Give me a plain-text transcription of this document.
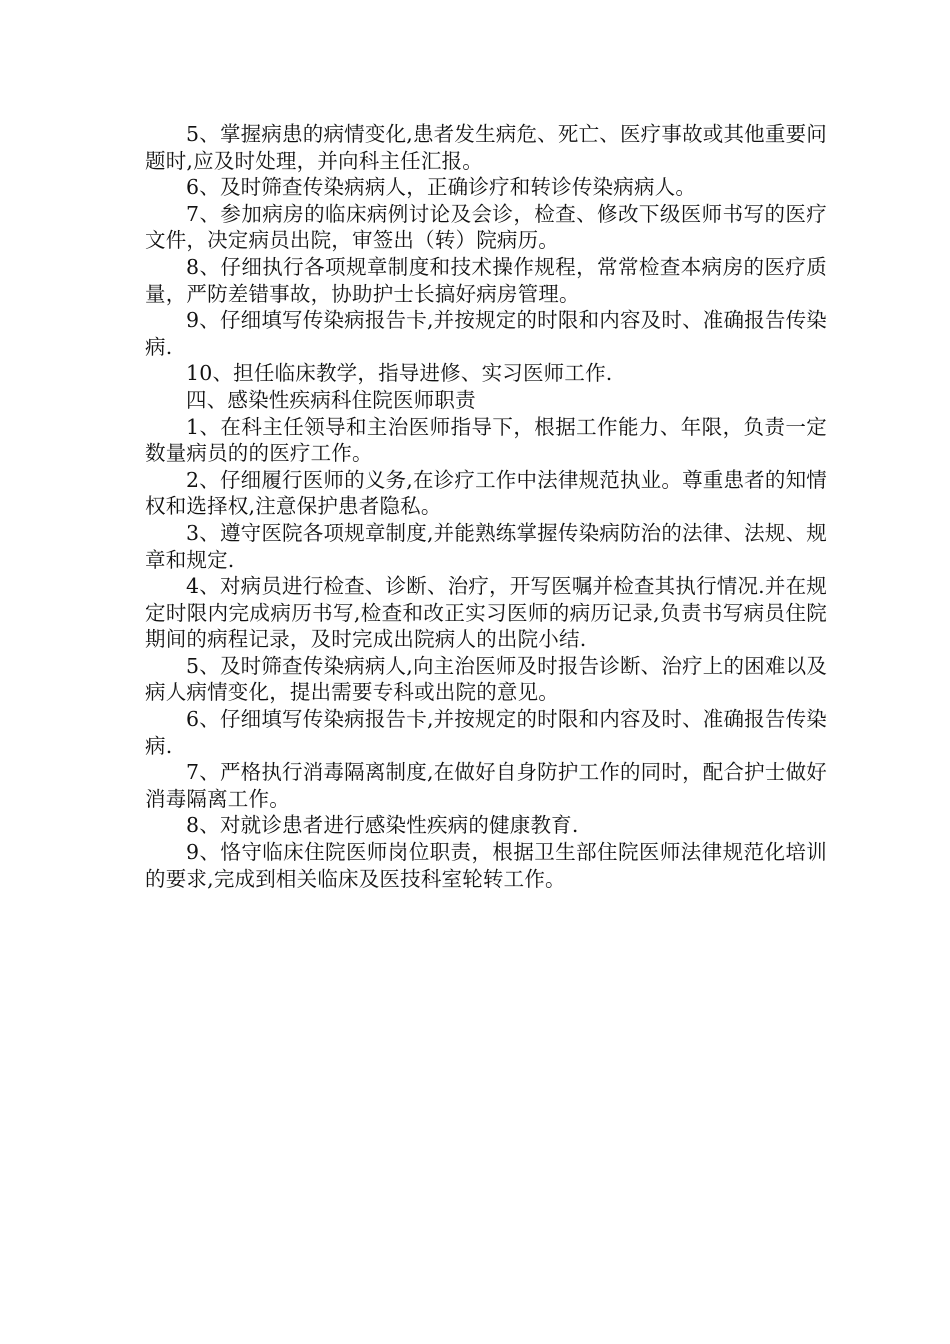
5、掌握病患的病情变化,患者发生病危、死亡、医疗事故或其他重要问题时,应及时处理，并向科主任汇报。

6、及时筛查传染病病人，正确诊疗和转诊传染病病人。

7、参加病房的临床病例讨论及会诊，检查、修改下级医师书写的医疗文件，决定病员出院，审签出（转）院病历。

8、仔细执行各项规章制度和技术操作规程，常常检查本病房的医疗质量，严防差错事故，协助护士长搞好病房管理。

9、仔细填写传染病报告卡,并按规定的时限和内容及时、准确报告传染病.

10、担任临床教学，指导进修、实习医师工作.

四、感染性疾病科住院医师职责

1、在科主任领导和主治医师指导下，根据工作能力、年限，负责一定数量病员的的医疗工作。

2、仔细履行医师的义务,在诊疗工作中法律规范执业。尊重患者的知情权和选择权,注意保护患者隐私。

3、遵守医院各项规章制度,并能熟练掌握传染病防治的法律、法规、规章和规定.

4、对病员进行检查、诊断、治疗，开写医嘱并检查其执行情况.并在规定时限内完成病历书写,检查和改正实习医师的病历记录,负责书写病员住院期间的病程记录，及时完成出院病人的出院小结.

5、及时筛查传染病病人,向主治医师及时报告诊断、治疗上的困难以及病人病情变化，提出需要专科或出院的意见。

6、仔细填写传染病报告卡,并按规定的时限和内容及时、准确报告传染病.

7、严格执行消毒隔离制度,在做好自身防护工作的同时，配合护士做好消毒隔离工作。

8、对就诊患者进行感染性疾病的健康教育.

9、恪守临床住院医师岗位职责，根据卫生部住院医师法律规范化培训的要求,完成到相关临床及医技科室轮转工作。
